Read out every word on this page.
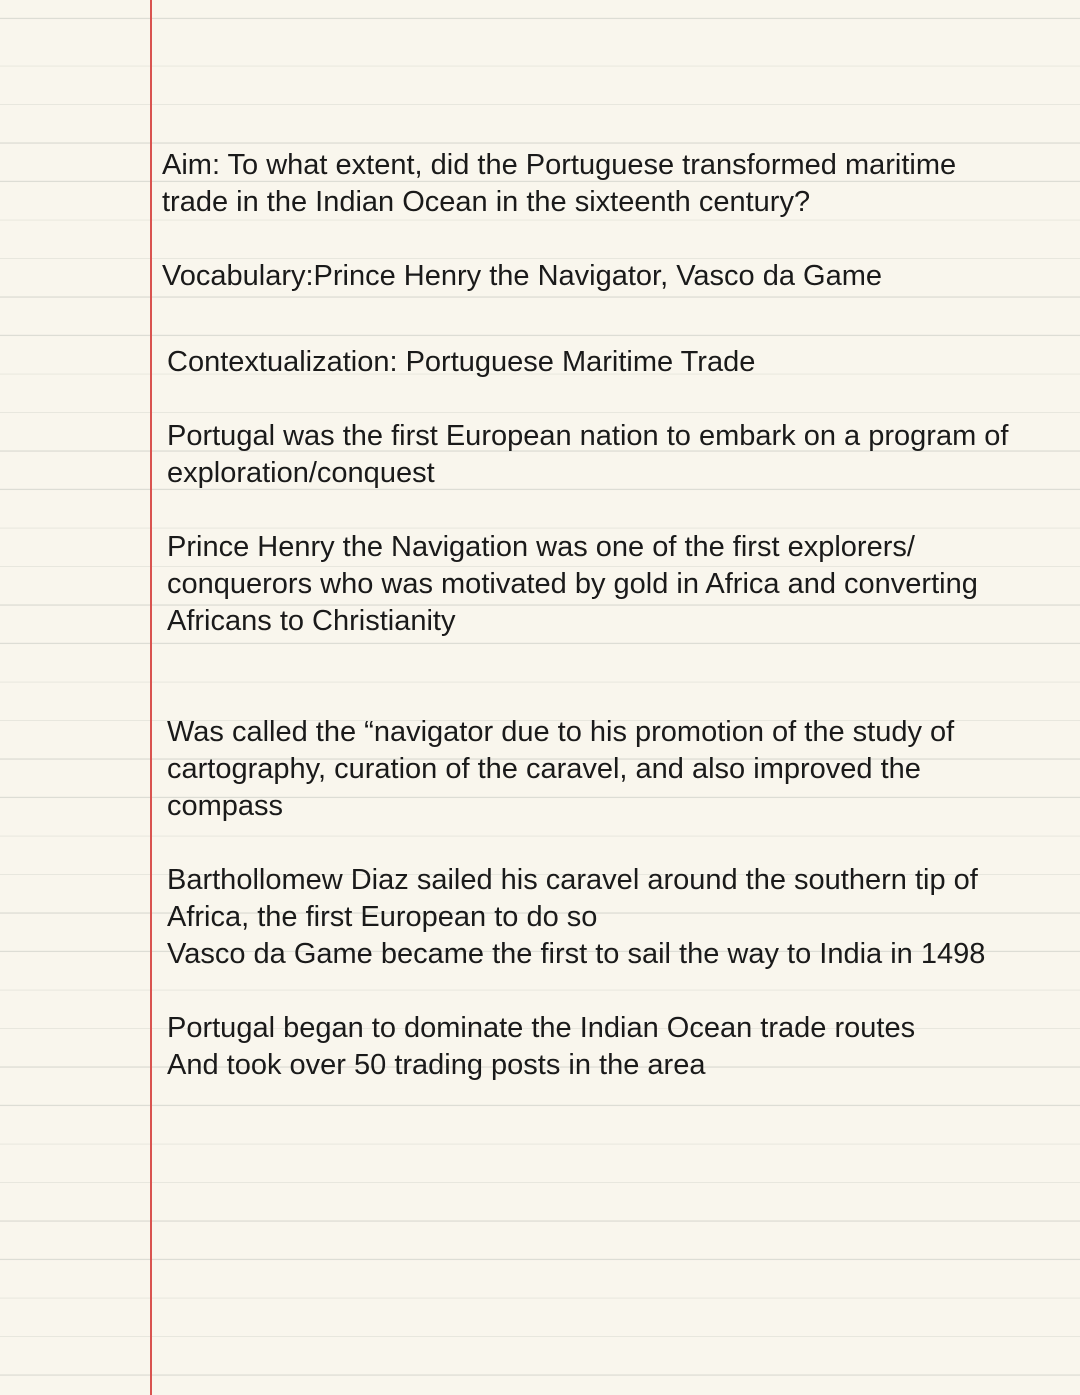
Aim: To what extent, did the Portuguese transformed maritime
trade in the Indian Ocean in the sixteenth century?
Vocabulary:Prince Henry the Navigator, Vasco da Game
Contextualization: Portuguese Maritime Trade
Portugal was the first European nation to embark on a program of
exploration/conquest
Prince Henry the Navigation was one of the first explorers/
conquerors who was motivated by gold in Africa and converting
Africans to Christianity
Was called the “navigator due to his promotion of the study of
cartography, curation of the caravel, and also improved the
compass
Barthollomew Diaz sailed his caravel around the southern tip of
Africa, the first European to do so
Vasco da Game became the first to sail the way to India in 1498
Portugal began to dominate the Indian Ocean trade routes
And took over 50 trading posts in the area
